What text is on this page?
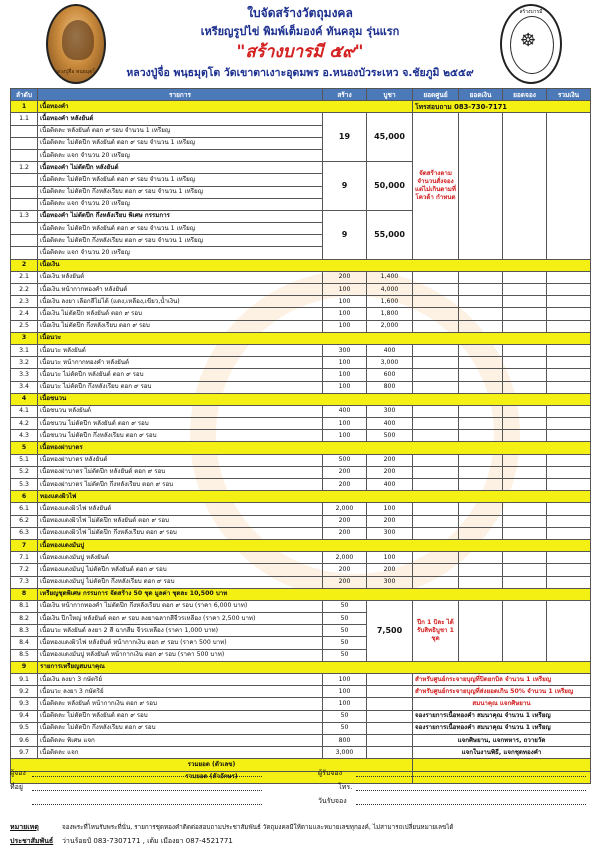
หลวงปู่จื่อ พนฺธมุตฺโต
ใบจัดสร้างวัตถุมงคล
เหรียญรูปไข่ พิมพ์เต็มองค์ ทันคลุม รุ่นแรก
"สร้างบารมี ๕๙"
หลวงปู่จื่อ พนฺธมุตฺโต วัดเขาตาเงาะอุดมพร อ.หนองบัวระเหว จ.ชัยภูมิ ๒๕๕๙
สร้างบารมี
☸
ลำดับ	รายการ	สร้าง	บูชา	ยอดศูนย์	ยอดเงิน	ยอดจอง	รวมเงิน
1	เนื้อทองคำ			โทรสอบถาม 083-730-7171			
1.1	เนื้อทองคำ หลังยันต์	19	45,000	จัดสร้างตามจำนวนสั่งจอง แต่ไม่เกินตามที่โควต้า กำหนด			
	เนื้อติดละ หลังยันต์ ตอก ๙ รอบ จำนวน 1 เหรียญ						
	เนื้อติดละ ไม่ตัดปีก หลังยันต์ ตอก ๙ รอบ จำนวน 1 เหรียญ						
	เนื้อติดละ แจก จำนวน 20 เหรียญ						
1.2	เนื้อทองคำ ไม่ตัดปีก หลังยันต์	9	50,000				
	เนื้อติดละ ไม่ตัดปีก หลังยันต์ ตอก ๙ รอบ จำนวน 1 เหรียญ						
	เนื้อติดละ ไม่ตัดปีก กึ่งหลังเรียบ ตอก ๙ รอบ จำนวน 1 เหรียญ						
	เนื้อติดละ แจก จำนวน 20 เหรียญ						
1.3	เนื้อทองคำ ไม่ตัดปีก กึ่งหลังเรียบ พิเศษ กรรมการ	9	55,000				
	เนื้อติดละ ไม่ตัดปีก หลังยันต์ ตอก ๙ รอบ จำนวน 1 เหรียญ						
	เนื้อติดละ ไม่ตัดปีก กึ่งหลังเรียบ ตอก ๙ รอบ จำนวน 1 เหรียญ						
	เนื้อติดละ แจก จำนวน 20 เหรียญ						
2	เนื้อเงิน						
2.1	เนื้อเงิน หลังยันต์	200	1,400				
2.2	เนื้อเงิน หน้ากากทองคำ หลังยันต์	100	4,000				
2.3	เนื้อเงิน ลงยา เลือกสีไม่ได้ (แดง,เหลือง,เขียว,น้ำเงิน)	100	1,600				
2.4	เนื้อเงิน ไม่ตัดปีก หลังยันต์ ตอก ๙ รอบ	100	1,800				
2.5	เนื้อเงิน ไม่ตัดปีก กึ่งหลังเรียบ ตอก ๙ รอบ	100	2,000				
3	เนื้อนวะ						
3.1	เนื้อนวะ หลังยันต์	300	400				
3.2	เนื้อนวะ หน้ากากทองคำ หลังยันต์	100	3,000				
3.3	เนื้อนวะ ไม่ตัดปีก หลังยันต์ ตอก ๙ รอบ	100	600				
3.4	เนื้อนวะ ไม่ตัดปีก กึ่งหลังเรียบ ตอก ๙ รอบ	100	800				
4	เนื้อชนวน						
4.1	เนื้อชนวน หลังยันต์	400	300				
4.2	เนื้อชนวน ไม่ตัดปีก หลังยันต์ ตอก ๙ รอบ	100	400				
4.3	เนื้อชนวน ไม่ตัดปีก กึ่งหลังเรียบ ตอก ๙ รอบ	100	500				
5	เนื้อทองฝาบาตร						
5.1	เนื้อทองฝาบาตร หลังยันต์	500	200				
5.2	เนื้อทองฝาบาตร ไม่ตัดปีก หลังยันต์ ตอก ๙ รอบ	200	200				
5.3	เนื้อทองฝาบาตร ไม่ตัดปีก กึ่งหลังเรียบ ตอก ๙ รอบ	200	400				
6	ทองแดงผิวไฟ						
6.1	เนื้อทองแดงผิวไฟ หลังยันต์	2,000	100				
6.2	เนื้อทองแดงผิวไฟ ไม่ตัดปีก หลังยันต์ ตอก ๙ รอบ	200	200				
6.3	เนื้อทองแดงผิวไฟ ไม่ตัดปีก กึ่งหลังเรียบ ตอก ๙ รอบ	200	300				
7	เนื้อทองแดงมันปู						
7.1	เนื้อทองแดงมันปู หลังยันต์	2,000	100				
7.2	เนื้อทองแดงมันปู ไม่ตัดปีก หลังยันต์ ตอก ๙ รอบ	200	200				
7.3	เนื้อทองแดงมันปู ไม่ตัดปีก กึ่งหลังเรียบ ตอก ๙ รอบ	200	300				
8	เหรียญชุดพิเศษ กรรมการ จัดสร้าง 50 ชุด มูลค่า ชุดละ 10,500 บาท						
8.1	เนื้อเงิน หน้ากากทองคำ ไม่ตัดปีก กึ่งหลังเรียบ ตอก ๙ รอบ (ราคา 6,000 บาท)	50	7,500	ปีก 1 บิละ ได้รับสิทธิบูชา 1 ชุด			
8.2	เนื้อเงิน ปีกใหญ่ หลังยันต์ ตอก ๙ รอบ ลงยาฉลากสีจีวรเหลือง (ราคา 2,500 บาท)	50					
8.3	เนื้อนวะ หลังยันต์ ลงยา 2 สี ฉากสีม จีวรเหลือง (ราคา 1,000 บาท)	50					
8.4	เนื้อทองแดงผิวไฟ หลังยันต์ หน้ากากเงิน ตอก ๙ รอบ (ราคา 500 บาท)	50					
8.5	เนื้อทองแดงมันปู หลังยันต์ หน้ากากเงิน ตอก ๙ รอบ (ราคา 500 บาท)	50					
9	รายการเหรียญสมนาคุณ						
9.1	เนื้อเงิน ลงยา 3 กษัตริย์	100		สำหรับศูนย์กระจายบุญที่ปิดยกบิล จำนวน 1 เหรียญ			
9.2	เนื้อนวะ ลงยา 3 กษัตริย์	100		สำหรับศูนย์กระจายบุญที่ส่งยอดเกิน 50% จำนวน 1 เหรียญ			
9.3	เนื้อติดละ หลังยันต์ หน้ากากเงิน ตอก ๙ รอบ	100		สมนาคุณ แจกศิษยาน			
9.4	เนื้อติดละ ไม่ตัดปีก หลังยันต์ ตอก ๙ รอบ	50		จองรายการเนื้อทองคำ สมนาคุณ จำนวน 1 เหรียญ			
9.5	เนื้อติดละ ไม่ตัดปีก กึ่งหลังเรียบ ตอก ๙ รอบ	50		จองรายการเนื้อทองคำ สมนาคุณ จำนวน 1 เหรียญ			
9.6	เนื้อติดละ พิเศษ แจก	800		แจกศิษยาน, แจกทหาร, ถวายวัด			
9.7	เนื้อติดละ แจก	3,000		แจกในงานพิธี, แจกชุดทองคำ			
รวมยอด (ตัวเลข)							
รวมยอด (ตัวอักษร)							
ผู้จอง
ที่อยู่
ผู้รับจอง
โทร.
วันรับจอง
หมายเหตุ	จองพระที่ไหนรับพระที่นั่น, รายการชุดทองคำติดต่อสอบถามประชาสัมพันธ์ วัตถุมงคลมีให้ตามและหมายเลขทุกองค์, ไม่สามารถเปลี่ยนหมายเลขได้
ประชาสัมพันธ์ ว่านร้อยป์ 083-7307171 , เต้ม เมืองยา 087-4521771
